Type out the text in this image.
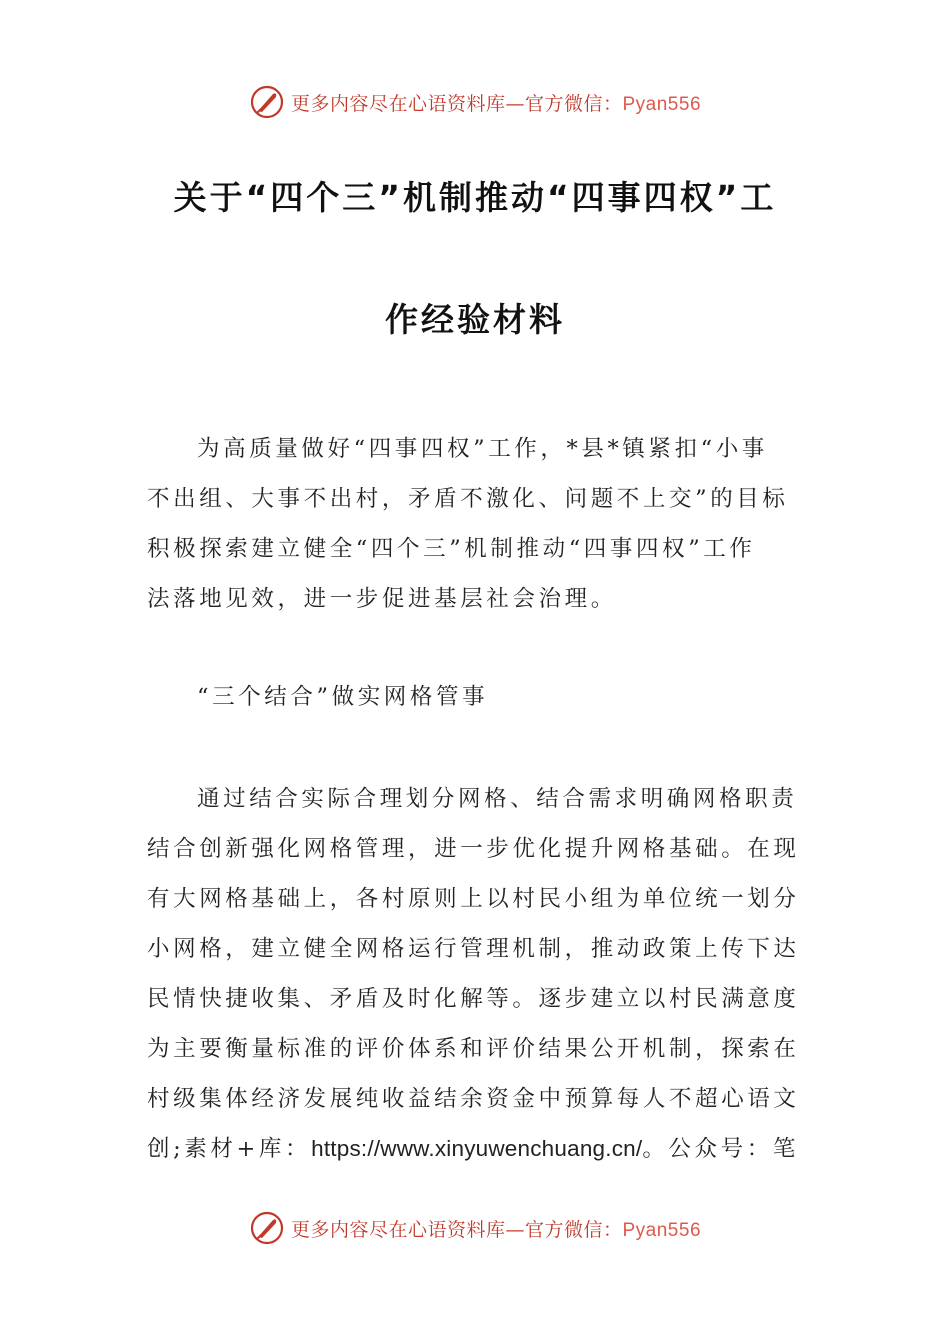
更多内容尽在心语资料库—官方微信：Pyan556
关于“四个三”机制推动“四事四权”工
作经验材料
为高质量做好“四事四权”工作，*县*镇紧扣“小事
不出组、大事不出村，矛盾不激化、问题不上交”的目标
积极探索建立健全“四个三”机制推动“四事四权”工作
法落地见效，进一步促进基层社会治理。
“三个结合”做实网格管事
通过结合实际合理划分网格、结合需求明确网格职责
结合创新强化网格管理，进一步优化提升网格基础。在现
有大网格基础上，各村原则上以村民小组为单位统一划分
小网格，建立健全网格运行管理机制，推动政策上传下达
民情快捷收集、矛盾及时化解等。逐步建立以村民满意度
为主要衡量标准的评价体系和评价结果公开机制，探索在
村级集体经济发展纯收益结余资金中预算每人不超心语文
创;素材+库：https://www.xinyuwenchuang.cn/。公众号：笔
更多内容尽在心语资料库—官方微信：Pyan556
